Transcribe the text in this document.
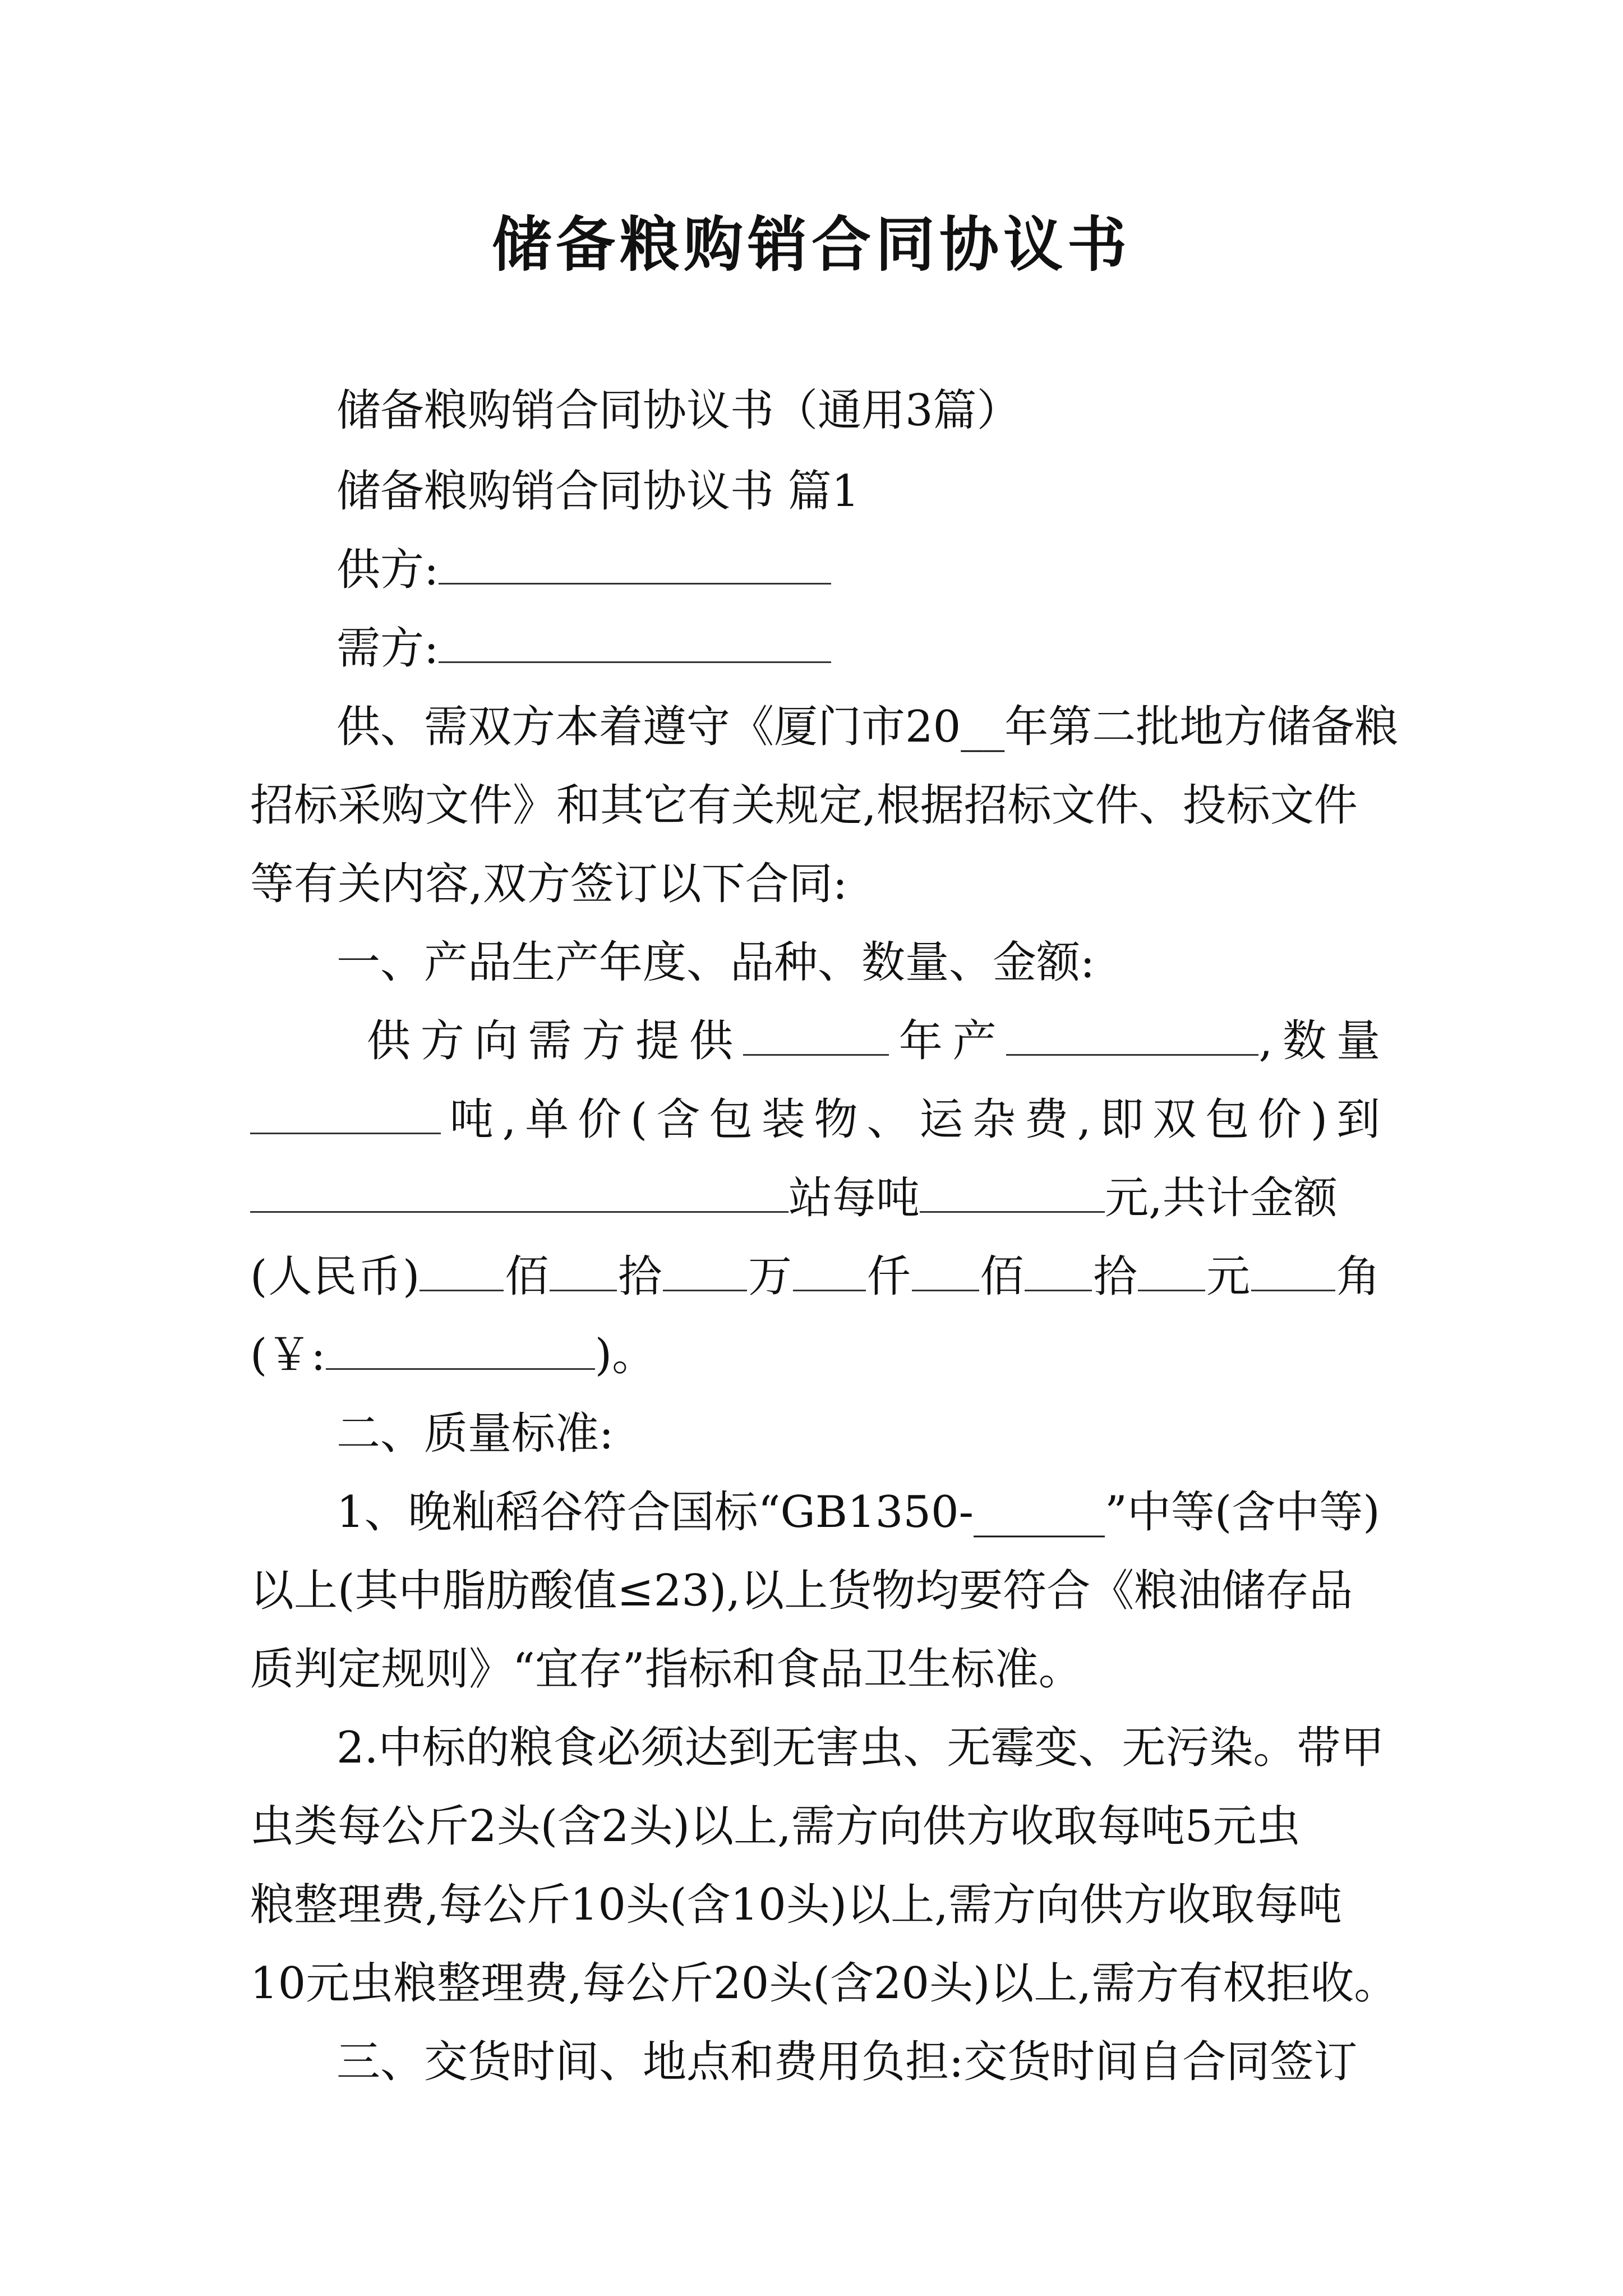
储备粮购销合同协议书
储备粮购销合同协议书（通用3篇）
储备粮购销合同协议书 篇1
供方:
需方:
供、需双方本着遵守《厦门市20__年第二批地方储备粮
招标采购文件》和其它有关规定,根据招标文件、投标文件
等有关内容,双方签订以下合同:
一、产品生产年度、品种、数量、金额:
供方向需方提供	年产	,数量
吨,单价(含包装物、运杂费,即双包价)到
站每吨	元,共计金额
(人民币) 佰 拾 万 仟 佰 拾 元 角
(￥:	)。
二、质量标准:
1、晚籼稻谷符合国标“GB1350-______”中等(含中等)
以上(其中脂肪酸值≤23),以上货物均要符合《粮油储存品
质判定规则》“宜存”指标和食品卫生标准。
2.中标的粮食必须达到无害虫、无霉变、无污染。带甲
虫类每公斤2头(含2头)以上,需方向供方收取每吨5元虫
粮整理费,每公斤10头(含10头)以上,需方向供方收取每吨
10元虫粮整理费,每公斤20头(含20头)以上,需方有权拒收。
三、交货时间、地点和费用负担:交货时间自合同签订
